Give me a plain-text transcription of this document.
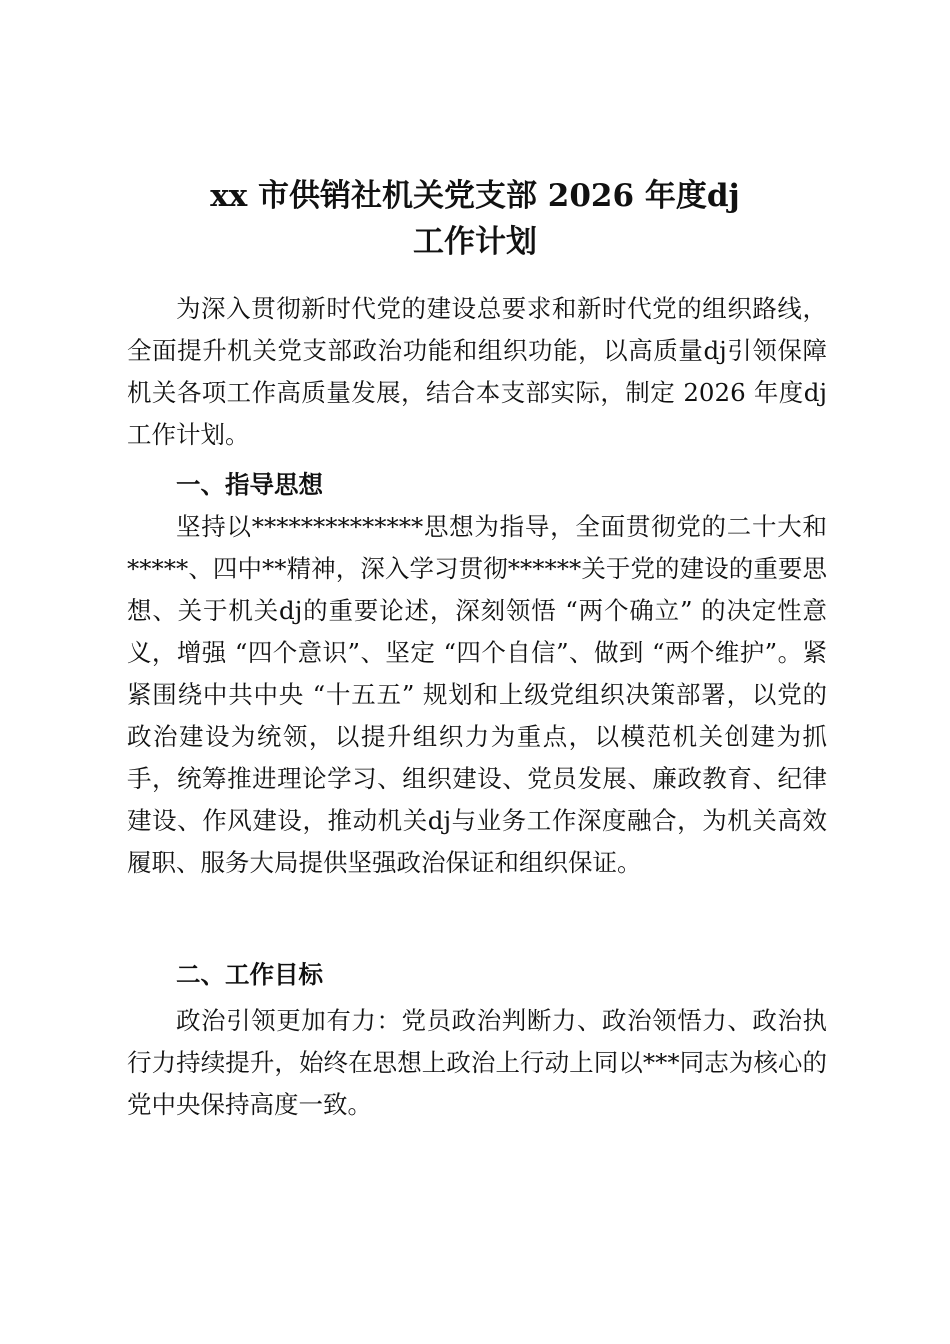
xx 市供销社机关党支部 2026 年度dj
工作计划

为深入贯彻新时代党的建设总要求和新时代党的组织路线，全面提升机关党支部政治功能和组织功能，以高质量dj引领保障机关各项工作高质量发展，结合本支部实际，制定 2026 年度dj工作计划。

一、指导思想

坚持以**************思想为指导，全面贯彻党的二十大和*****、四中**精神，深入学习贯彻******关于党的建设的重要思想、关于机关dj的重要论述，深刻领悟 “两个确立” 的决定性意义，增强 “四个意识”、坚定 “四个自信”、做到 “两个维护”。紧紧围绕中共中央 “十五五” 规划和上级党组织决策部署，以党的政治建设为统领，以提升组织力为重点，以模范机关创建为抓手，统筹推进理论学习、组织建设、党员发展、廉政教育、纪律建设、作风建设，推动机关dj与业务工作深度融合，为机关高效履职、服务大局提供坚强政治保证和组织保证。

二、工作目标

政治引领更加有力：党员政治判断力、政治领悟力、政治执行力持续提升，始终在思想上政治上行动上同以***同志为核心的党中央保持高度一致。
